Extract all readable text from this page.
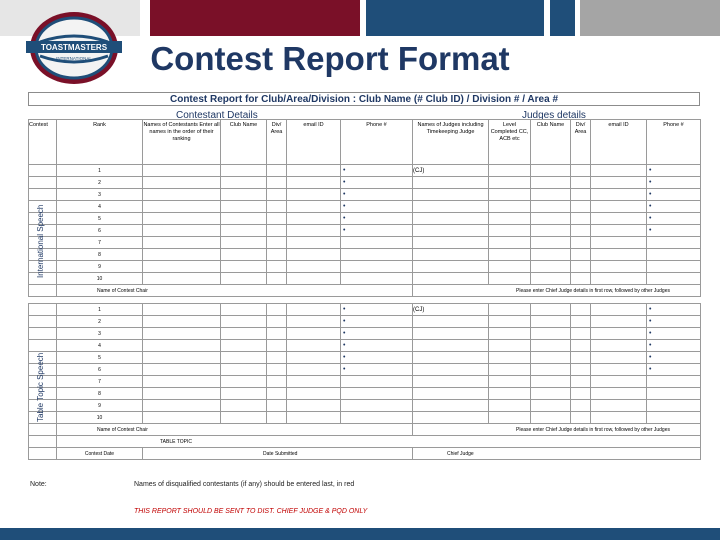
TOASTMASTERS
INTERNATIONAL	Contest Report Format
Contest Report for Club/Area/Division : Club Name (# Club ID) / Division # / Area #
Contestant Details	Judges details
Contest	Rank	Names of Contestants Enter all names in the order of their ranking	Club Name	Div/ Area	email ID	Phone #	Names of Judges including Timekeeping Judge	Level Completed CC, ACB etc	Club Name	Div/ Area	email ID	Phone #
	1					•	(CJ)					•
	2					•						•
	3					•						•
	4					•						•
	5					•						•
	6					•						•
	7											
	8											
	9											
	10											
	Name of Contest Chair						Please enter Chief Judge details in first row, followed by other Judges					

	1					•	(CJ)					•
	2					•						•
	3					•						•
	4					•						•
	5					•						•
	6					•						•
	7											
	8											
	9											
	10											
	Name of Contest Chair						Please enter Chief Judge details in first row, followed by other Judges					
	TABLE TOPIC											
	Contest Date	Date Submitted					Chief Judge					
International Speech
Table Topic Speech
Note:	Names of disqualified contestants (if any) should be entered last, in red
THIS REPORT SHOULD BE SENT TO DIST. CHIEF JUDGE & PQD ONLY
